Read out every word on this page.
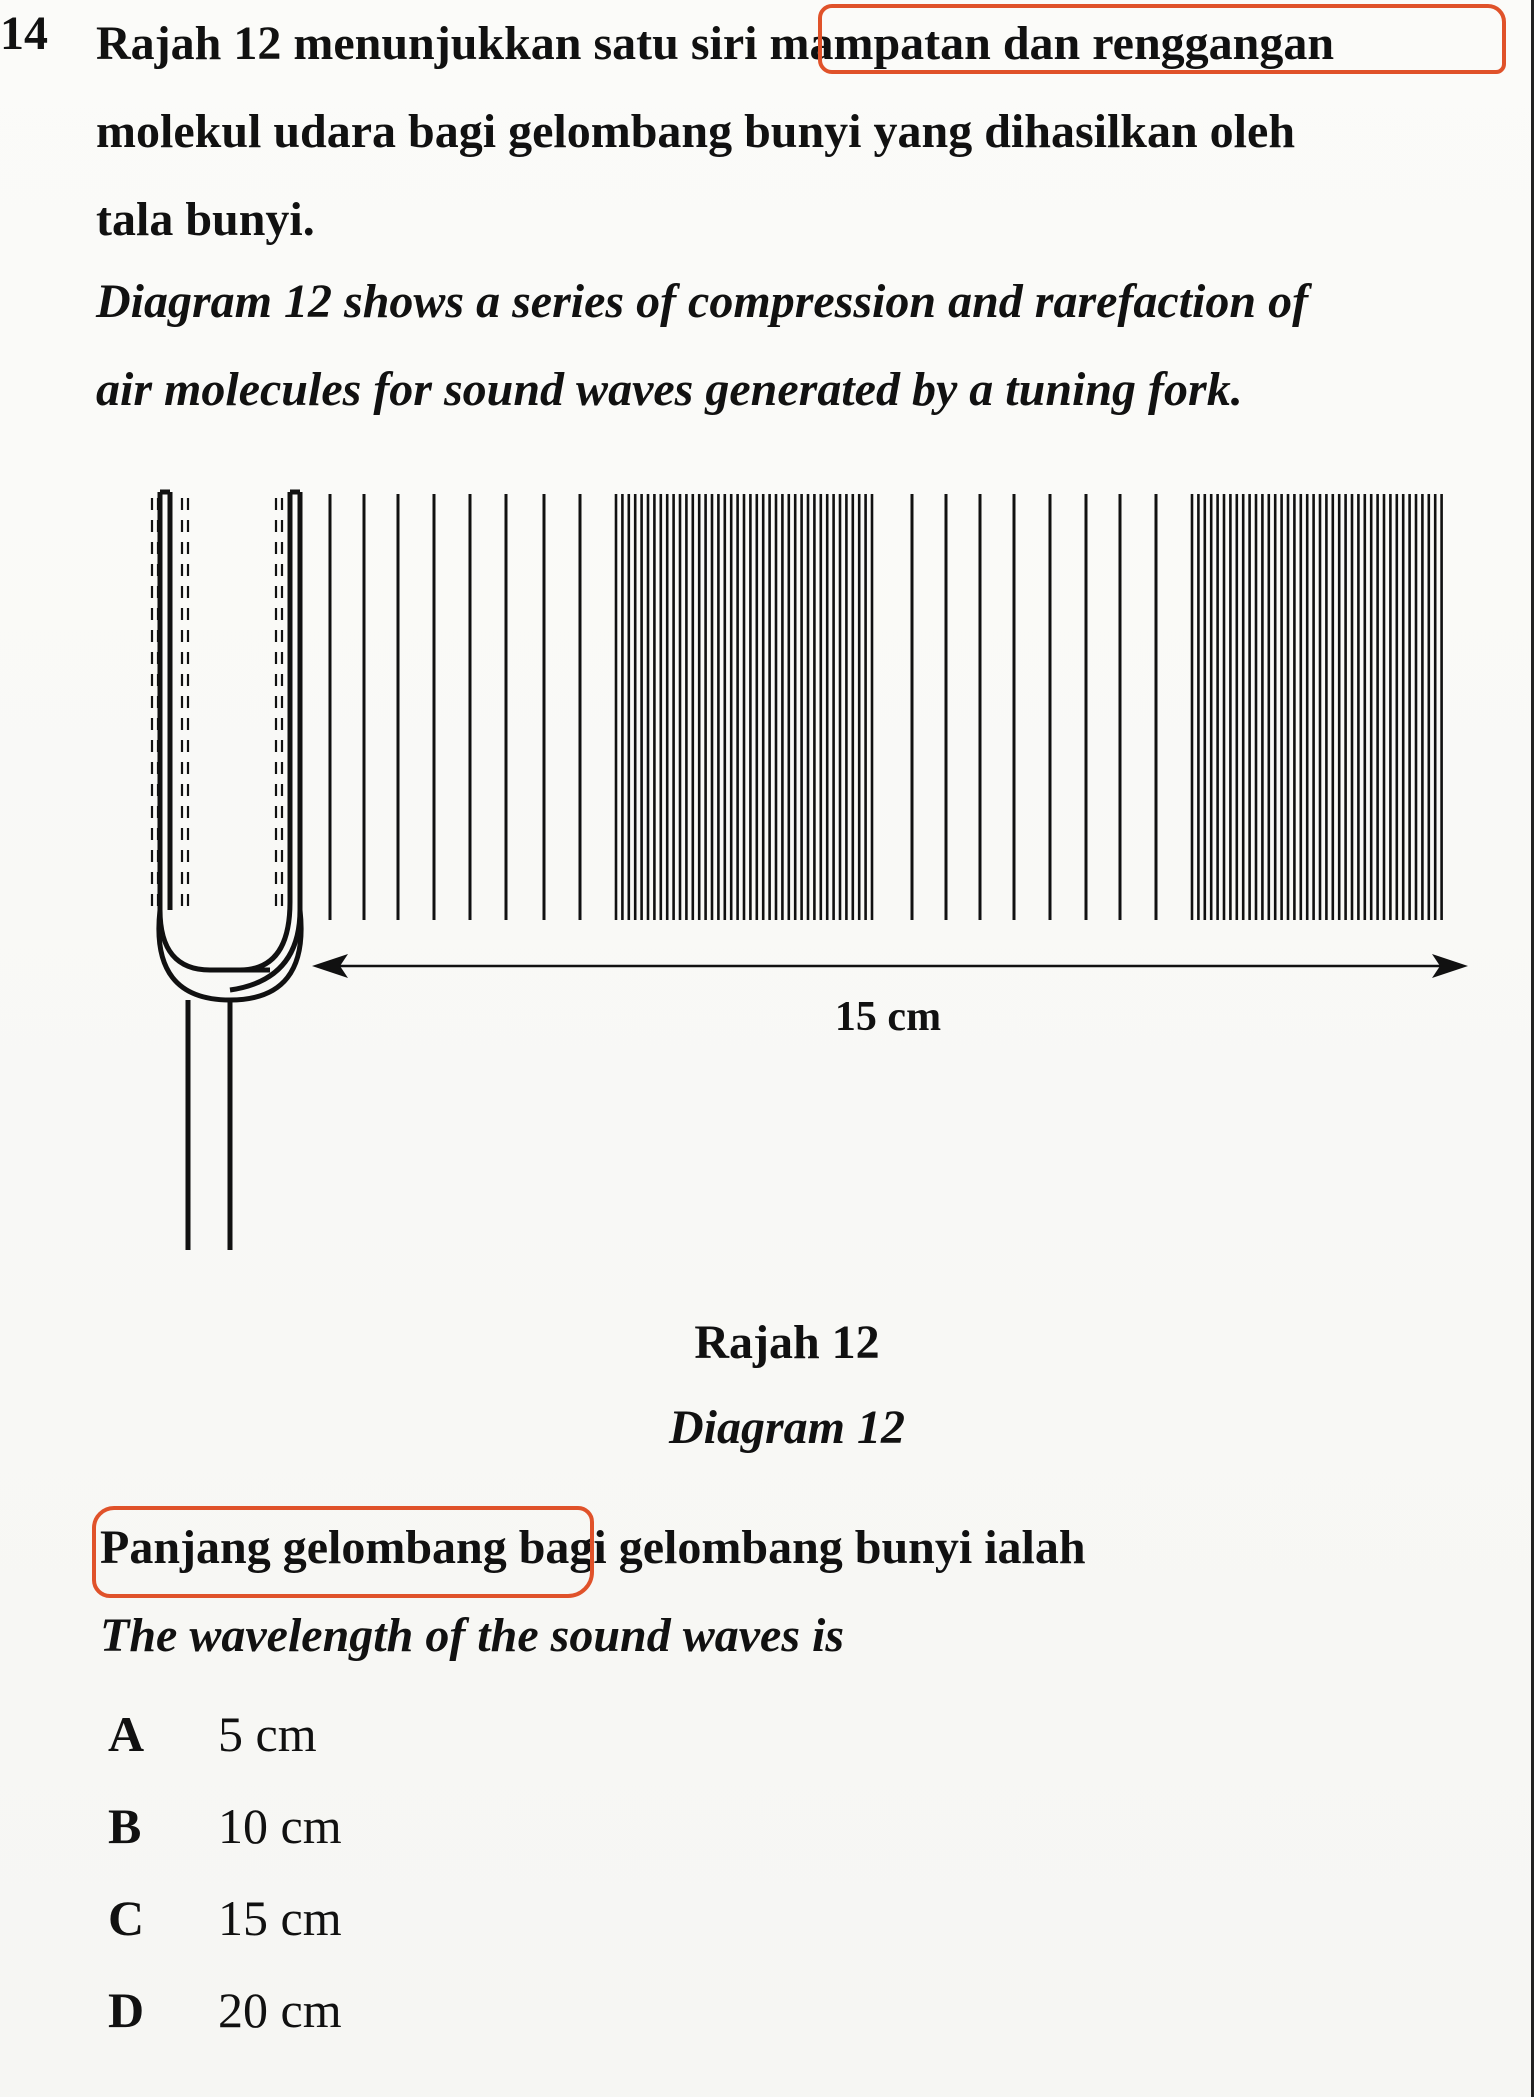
14 Rajah 12 menunjukkan satu siri mampatan dan renggangan
molekul udara bagi gelombang bunyi yang dihasilkan oleh
tala bunyi.
Diagram 12 shows a series of compression and rarefaction of
air molecules for sound waves generated by a tuning fork.
15 cm

Rajah 12

Diagram 12

Panjang gelombang bagi gelombang bunyi ialah

The wavelength of the sound waves is

A	5 cm
B	10 cm
C	15 cm
D	20 cm
